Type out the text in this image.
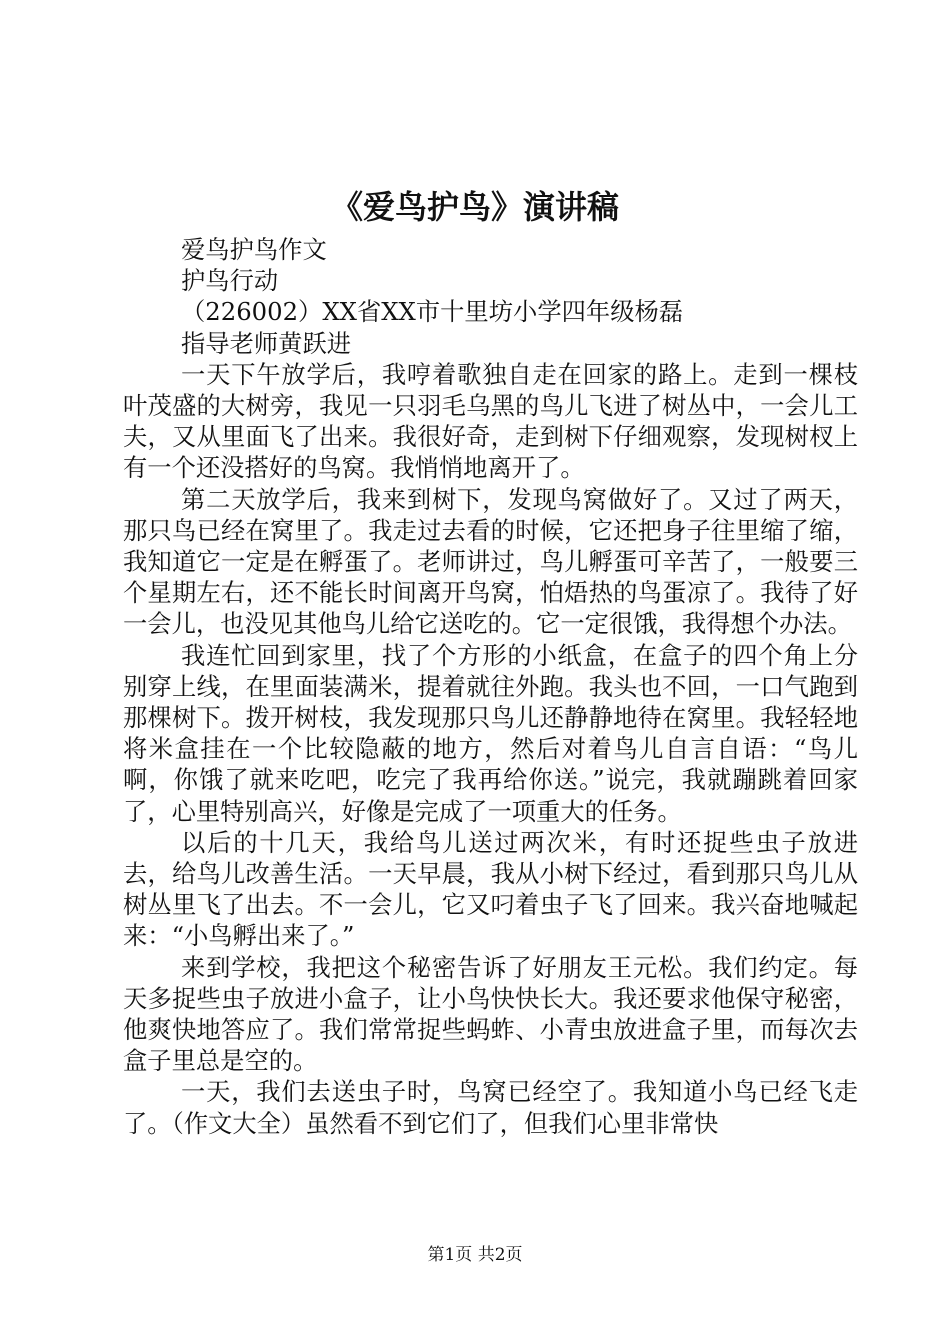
《爱鸟护鸟》演讲稿

爱鸟护鸟作文

护鸟行动

（226002）XX省XX市十里坊小学四年级杨磊

指导老师黄跃进

一天下午放学后，我哼着歌独自走在回家的路上。走到一棵枝叶茂盛的大树旁，我见一只羽毛乌黑的鸟儿飞进了树丛中，一会儿工夫，又从里面飞了出来。我很好奇，走到树下仔细观察，发现树杈上有一个还没搭好的鸟窝。我悄悄地离开了。

第二天放学后，我来到树下，发现鸟窝做好了。又过了两天，那只鸟已经在窝里了。我走过去看的时候，它还把身子往里缩了缩，我知道它一定是在孵蛋了。老师讲过，鸟儿孵蛋可辛苦了，一般要三个星期左右，还不能长时间离开鸟窝，怕焐热的鸟蛋凉了。我待了好一会儿，也没见其他鸟儿给它送吃的。它一定很饿，我得想个办法。

我连忙回到家里，找了个方形的小纸盒，在盒子的四个角上分别穿上线，在里面装满米，提着就往外跑。我头也不回，一口气跑到那棵树下。拨开树枝，我发现那只鸟儿还静静地待在窝里。我轻轻地将米盒挂在一个比较隐蔽的地方，然后对着鸟儿自言自语：“鸟儿啊，你饿了就来吃吧，吃完了我再给你送。”说完，我就蹦跳着回家了，心里特别高兴，好像是完成了一项重大的任务。

以后的十几天，我给鸟儿送过两次米，有时还捉些虫子放进去，给鸟儿改善生活。一天早晨，我从小树下经过，看到那只鸟儿从树丛里飞了出去。不一会儿，它又叼着虫子飞了回来。我兴奋地喊起来：“小鸟孵出来了。”

来到学校，我把这个秘密告诉了好朋友王元松。我们约定。每天多捉些虫子放进小盒子，让小鸟快快长大。我还要求他保守秘密，他爽快地答应了。我们常常捉些蚂蚱、小青虫放进盒子里，而每次去盒子里总是空的。

一天，我们去送虫子时，鸟窝已经空了。我知道小鸟已经飞走了。（作文大全）虽然看不到它们了，但我们心里非常快

第1页 共2页
